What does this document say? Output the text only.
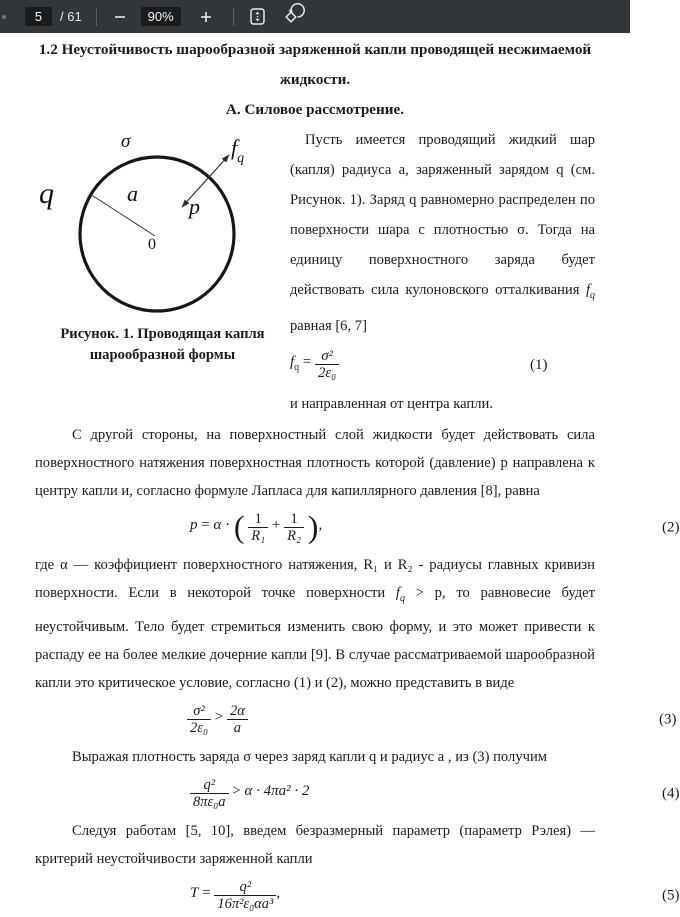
5	/ 61	90%
1.2 Неустойчивость шарообразной заряженной капли проводящей несжимаемой
жидкости.
А. Силовое рассмотрение.
σ
q	a
0
p
$f_q$
Рисунок. 1. Проводящая капля
шарообразной формы
Пусть имеется проводящий жидкий шар (капля) радиуса a, заряженный зарядом q (см. Рисунок. 1). Заряд q равномерно распределен по поверхности шара с плотностью σ. Тогда на единицу поверхностного заряда будет действовать сила кулоновского отталкивания $f_q$ равная [6, 7]
$f_q = \frac{\text{σ²}}{\text{2ε₀}}$	(1)
и направленная от центра капли.

С другой стороны, на поверхностный слой жидкости будет действовать сила поверхностного натяжения поверхностная плотность которой (давление) p направлена к центру капли и, согласно формуле Лапласа для капиллярного давления [8], равна

p = α · ( $\frac{1}{\text{R₁}} + \frac{1}{\text{R₂}}$ ),	(2)

где α — коэффициент поверхностного натяжения, R₁ и R₂ - радиусы главных кривизн поверхности. Если в некоторой точке поверхности $f_q > p$, то равновесие будет неустойчивым. Тело будет стремиться изменить свою форму, и это может привести к распаду ее на более мелкие дочерние капли [9]. В случае рассматриваемой шарообразной капли это критическое условие, согласно (1) и (2), можно представить в виде

$\frac{\text{σ²}}{\text{2ε₀}} > \frac{2\alpha}{a}$	(3)

Выражая плотность заряда σ через заряд капли q и радиус a , из (3) получим

$\frac{\text{q²}}{\text{8πε₀a}} > \alpha \cdot 4\pi a^2 \cdot 2$	(4)

Следуя работам [5, 10], введем безразмерный параметр (параметр Рэлея) — критерий неустойчивости заряженной капли

$T = \frac{\text{q²}}{\text{16π²ε₀αa³}}$ ,	(5)
